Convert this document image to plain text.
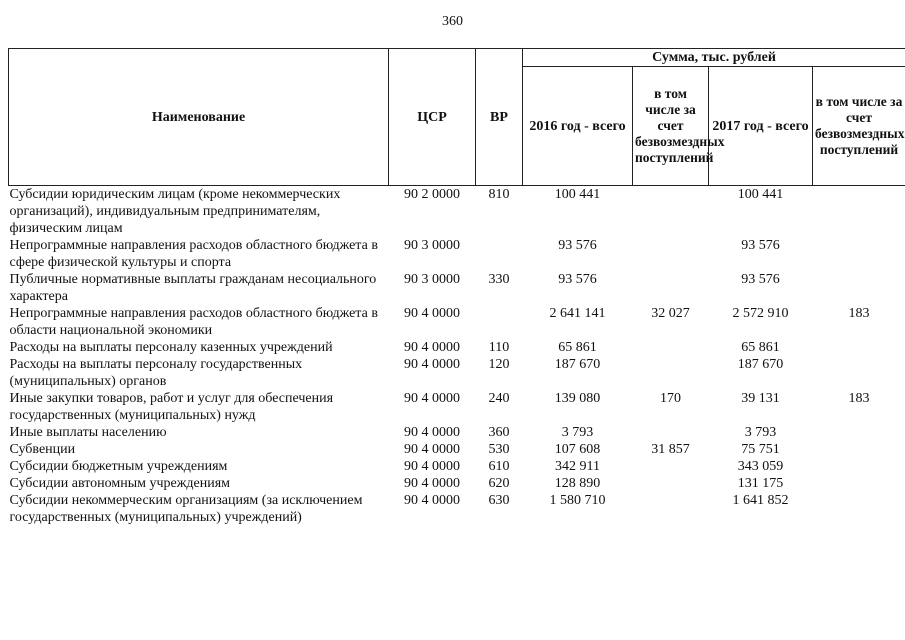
360
Наименование	ЦСР	ВР	Сумма, тыс. рублей			
			2016 год - всего	в том числе за счет безвозмездных поступлений	2017 год - всего	в том числе за счет безвозмездных поступлений
Субсидии юридическим лицам (кроме некоммерческих организаций), индивидуальным предпринимателям, физическим лицам	90 2 0000	810	100 441		100 441	
Непрограммные направления расходов областного бюджета в сфере физической культуры и спорта	90 3 0000		93 576		93 576	
Публичные нормативные выплаты гражданам несоциального характера	90 3 0000	330	93 576		93 576	
Непрограммные направления расходов областного бюджета в области национальной экономики	90 4 0000		2 641 141	32 027	2 572 910	183
Расходы на выплаты персоналу казенных учреждений	90 4 0000	110	65 861		65 861	
Расходы на выплаты персоналу государственных (муниципальных) органов	90 4 0000	120	187 670		187 670	
Иные закупки товаров, работ и услуг для обеспечения государственных (муниципальных) нужд	90 4 0000	240	139 080	170	39 131	183
Иные выплаты населению	90 4 0000	360	3 793		3 793	
Субвенции	90 4 0000	530	107 608	31 857	75 751	
Субсидии бюджетным учреждениям	90 4 0000	610	342 911		343 059	
Субсидии автономным учреждениям	90 4 0000	620	128 890		131 175	
Субсидии некоммерческим организациям (за исключением государственных (муниципальных) учреждений)	90 4 0000	630	1 580 710		1 641 852	
